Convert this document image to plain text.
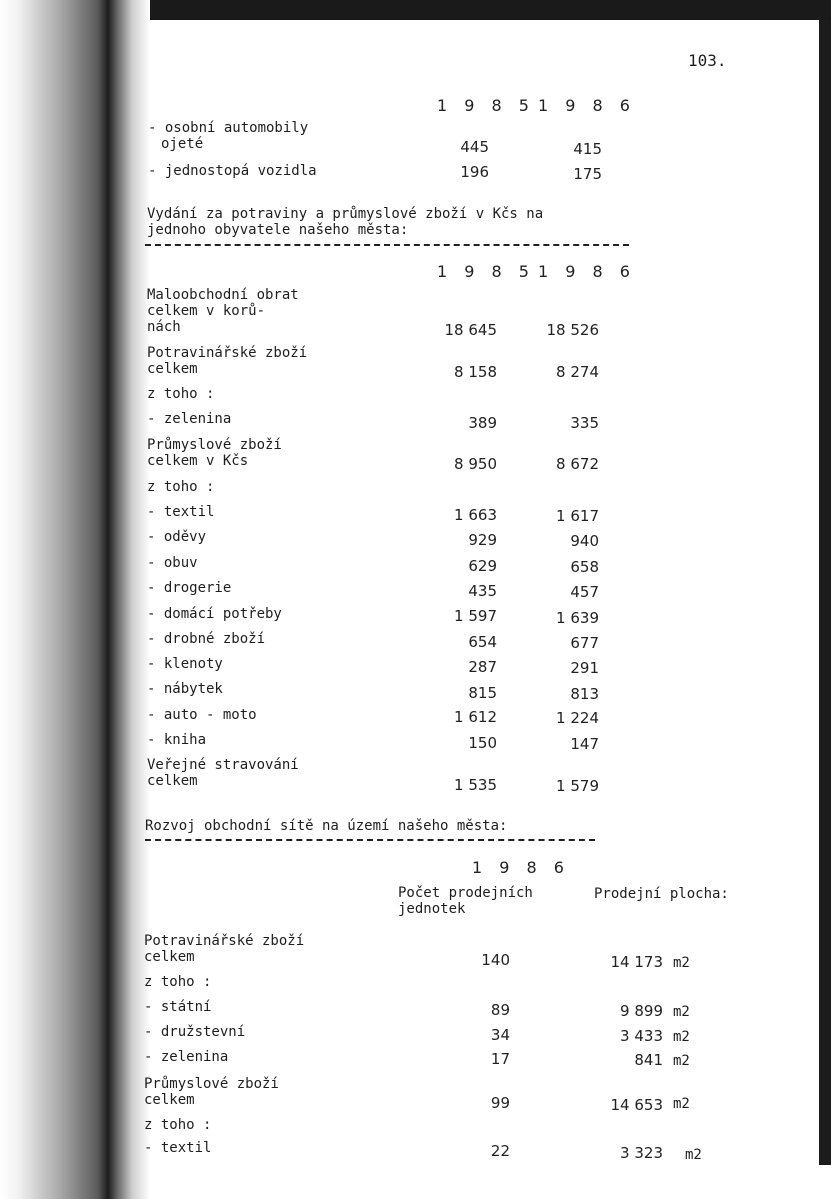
103.
1 9 8 5 1 9 8 6
- osobní automobily
ojeté	445	415
- jednostopá vozidla	196	175
Vydání za potraviny a průmyslové zboží v Kčs na
jednoho obyvatele našeho města:
1 9 8 5 1 9 8 6
Maloobchodní obrat
celkem v korů-
nách	18 645	18 526
Potravinářské zboží
celkem	8 158	8 274
z toho :
- zelenina	389	335
Průmyslové zboží
celkem v Kčs	8 950	8 672
z toho :
- textil	1 663	1 617
- oděvy	929	940
- obuv	629	658
- drogerie	435	457
- domácí potřeby	1 597	1 639
- drobné zboží	654	677
- klenoty	287	291
- nábytek	815	813
- auto - moto	1 612	1 224
- kniha	150	147
Veřejné stravování
celkem	1 535	1 579
Rozvoj obchodní sítě na území našeho města:
1 9 8 6
Počet prodejních
jednotek
Prodejní plocha:
Potravinářské zboží
celkem	140	14 173 m2
z toho :
- státní	89	9 899 m2
- družstevní	34	3 433 m2
- zelenina	17	841 m2
Průmyslové zboží
celkem	99	14 653 m2
z toho :
- textil	22	3 323 m2
